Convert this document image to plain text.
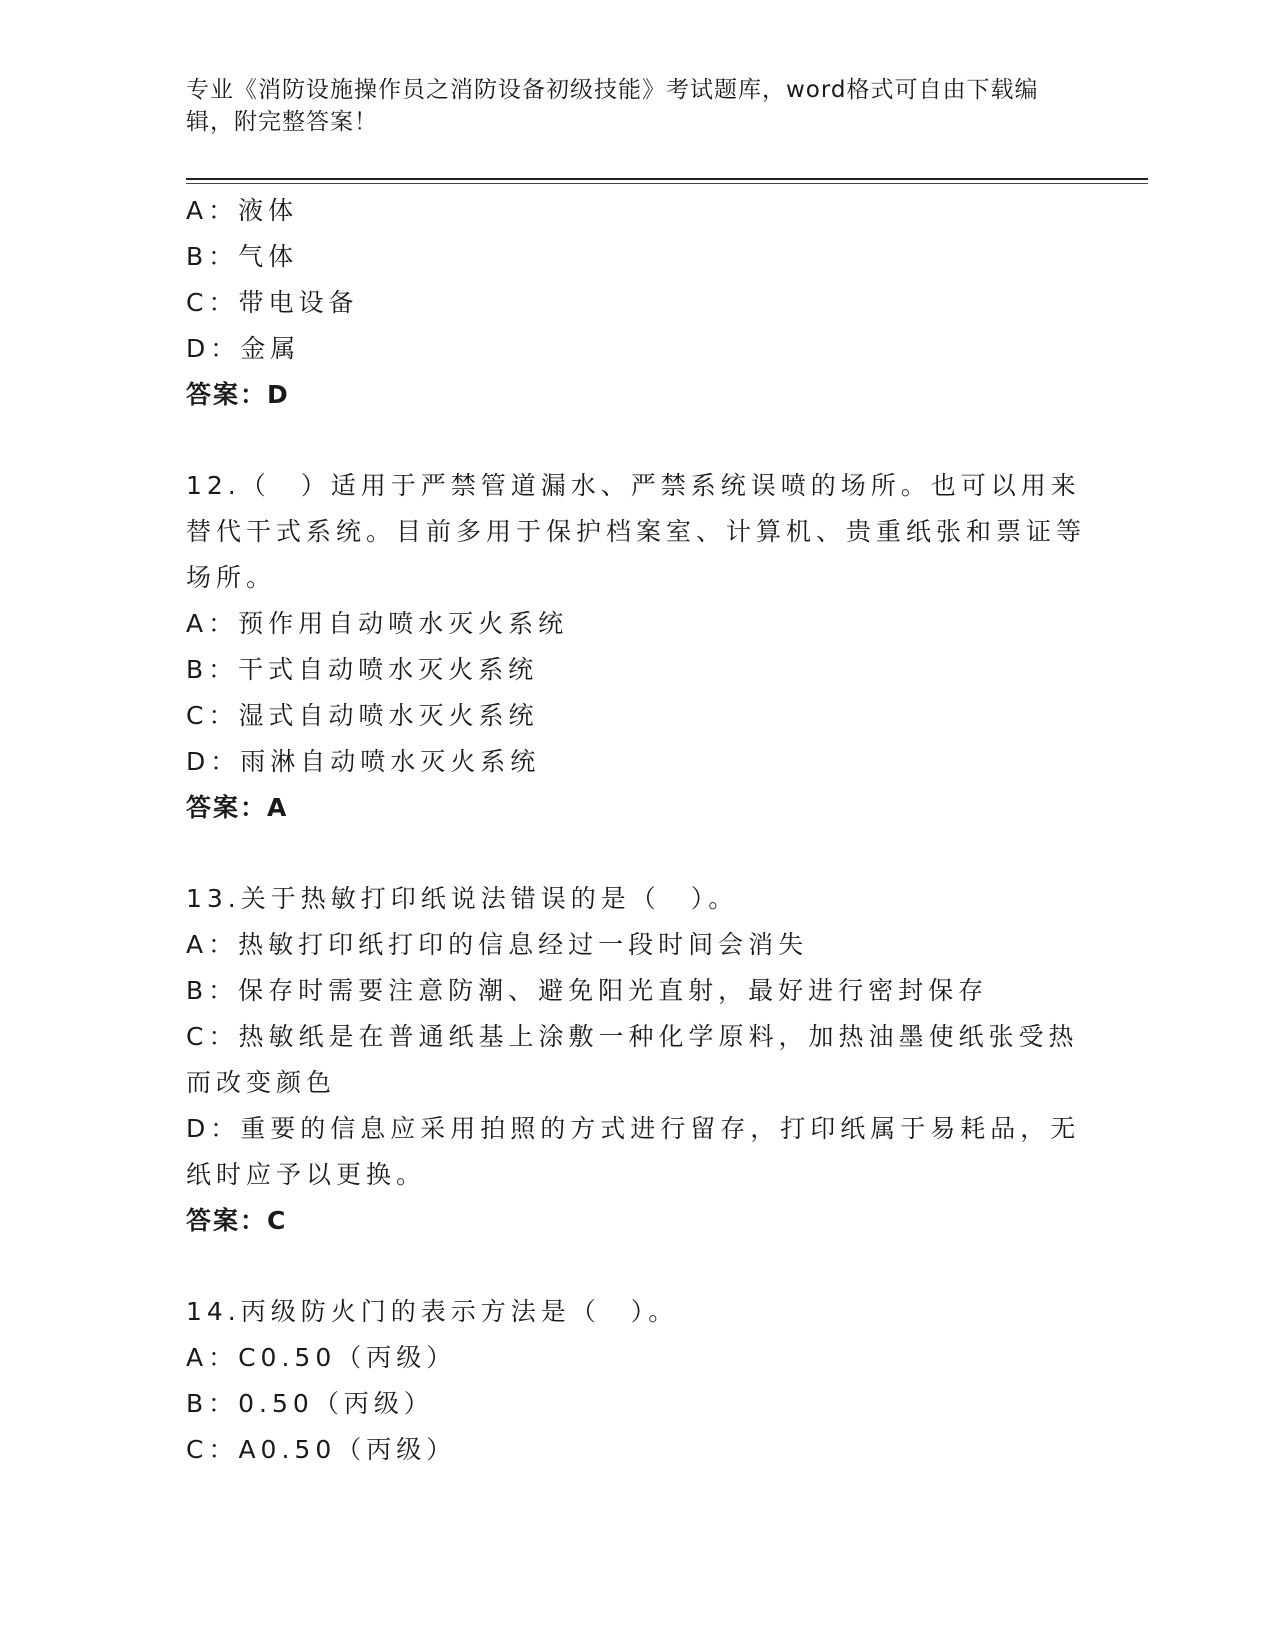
专业《消防设施操作员之消防设备初级技能》考试题库，word格式可自由下载编辑，附完整答案！
A：液体
B：气体
C：带电设备
D：金属
答案：D
12.（　）适用于严禁管道漏水、严禁系统误喷的场所。也可以用来替代干式系统。目前多用于保护档案室、计算机、贵重纸张和票证等场所。
A：预作用自动喷水灭火系统
B：干式自动喷水灭火系统
C：湿式自动喷水灭火系统
D：雨淋自动喷水灭火系统
答案：A
13.关于热敏打印纸说法错误的是（　）。
A：热敏打印纸打印的信息经过一段时间会消失
B：保存时需要注意防潮、避免阳光直射，最好进行密封保存
C：热敏纸是在普通纸基上涂敷一种化学原料，加热油墨使纸张受热而改变颜色
D：重要的信息应采用拍照的方式进行留存，打印纸属于易耗品，无纸时应予以更换。
答案：C
14.丙级防火门的表示方法是（　）。
A：C0.50（丙级）
B：0.50（丙级）
C：A0.50（丙级）
